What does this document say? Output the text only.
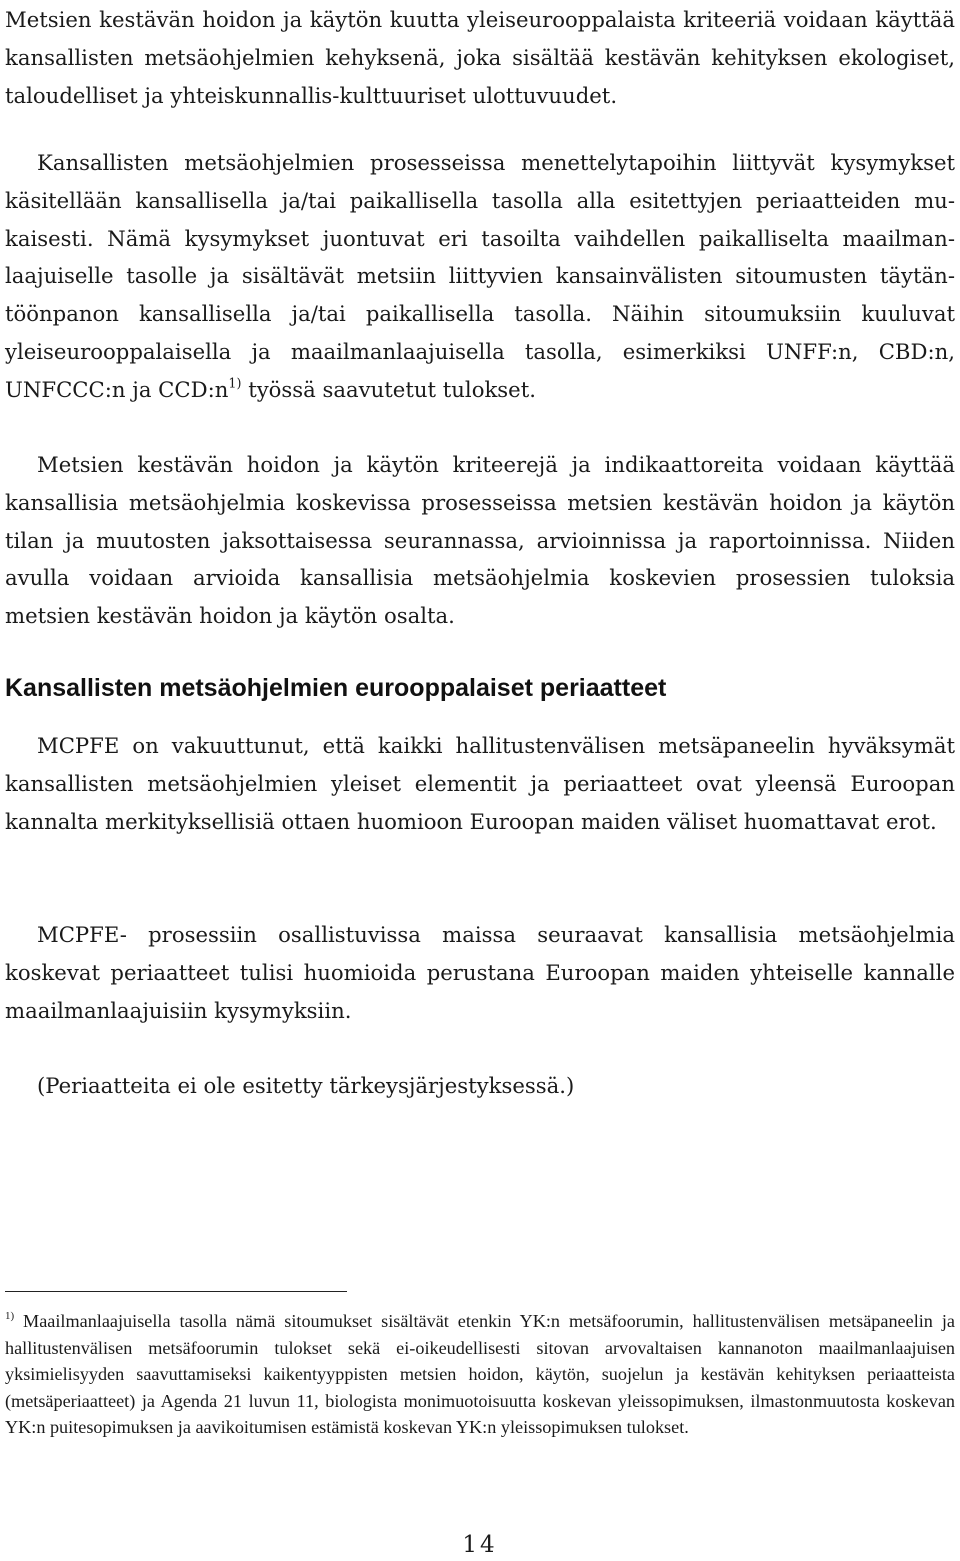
Metsien kestävän hoidon ja käytön kuutta yleiseurooppalaista kriteeriä voidaan käyttää kansallisten metsäohjelmien kehyksenä, joka sisältää kestävän kehityksen ekologiset, taloudelliset ja yhteiskunnallis-kulttuuriset ulottuvuudet.

Kansallisten metsäohjelmien prosesseissa menettelytapoihin liittyvät kysymykset käsitellään kansallisella ja/tai paikallisella tasolla alla esitettyjen periaatteiden mukaisesti. Nämä kysymykset juontuvat eri tasoilta vaihdellen paikalliselta maailmanlaajuiselle tasolle ja sisältävät metsiin liittyvien kansainvälisten sitoumusten täytäntöönpanon kansallisella ja/tai paikallisella tasolla. Näihin sitoumuksiin kuuluvat yleiseurooppalaisella ja maailmanlaajuisella tasolla, esimerkiksi UNFF:n, CBD:n, UNFCCC:n ja $CCD:n^{1)}$ työssä saavutetut tulokset.

Metsien kestävän hoidon ja käytön kriteerejä ja indikaattoreita voidaan käyttää kansallisia metsäohjelmia koskevissa prosesseissa metsien kestävän hoidon ja käytön tilan ja muutosten jaksottaisessa seurannassa, arvioinnissa ja raportoinnissa. Niiden avulla voidaan arvioida kansallisia metsäohjelmia koskevien prosessien tuloksia metsien kestävän hoidon ja käytön osalta.

Kansallisten metsäohjelmien eurooppalaiset periaatteet

MCPFE on vakuuttunut, että kaikki hallitustenvälisen metsäpaneelin hyväksymät kansallisten metsäohjelmien yleiset elementit ja periaatteet ovat yleensä Euroopan kannalta merkityksellisiä ottaen huomioon Euroopan maiden väliset huomattavat erot.

MCPFE- prosessiin osallistuvissa maissa seuraavat kansallisia metsäohjelmia koskevat periaatteet tulisi huomioida perustana Euroopan maiden yhteiselle kannalle maailmanlaajuisiin kysymyksiin.

(Periaatteita ei ole esitetty tärkeysjärjestyksessä.)

$^{1)}$ Maailmanlaajuisella tasolla nämä sitoumukset sisältävät etenkin YK:n metsäfoorumin, hallitustenvälisen metsäpaneelin ja hallitustenvälisen metsäfoorumin tulokset sekä ei-oikeudellisesti sitovan arvovaltaisen kannanoton maailmanlaajuisen yksimielisyyden saavuttamiseksi kaikentyyppisten metsien hoidon, käytön, suojelun ja kestävän kehityksen periaatteista (metsäperiaatteet) ja Agenda 21 luvun 11, biologista monimuotoisuutta koskevan yleissopimuksen, ilmastonmuutosta koskevan YK:n puitesopimuksen ja aavikoitumisen estämistä koskevan YK:n yleissopimuksen tulokset.

14
